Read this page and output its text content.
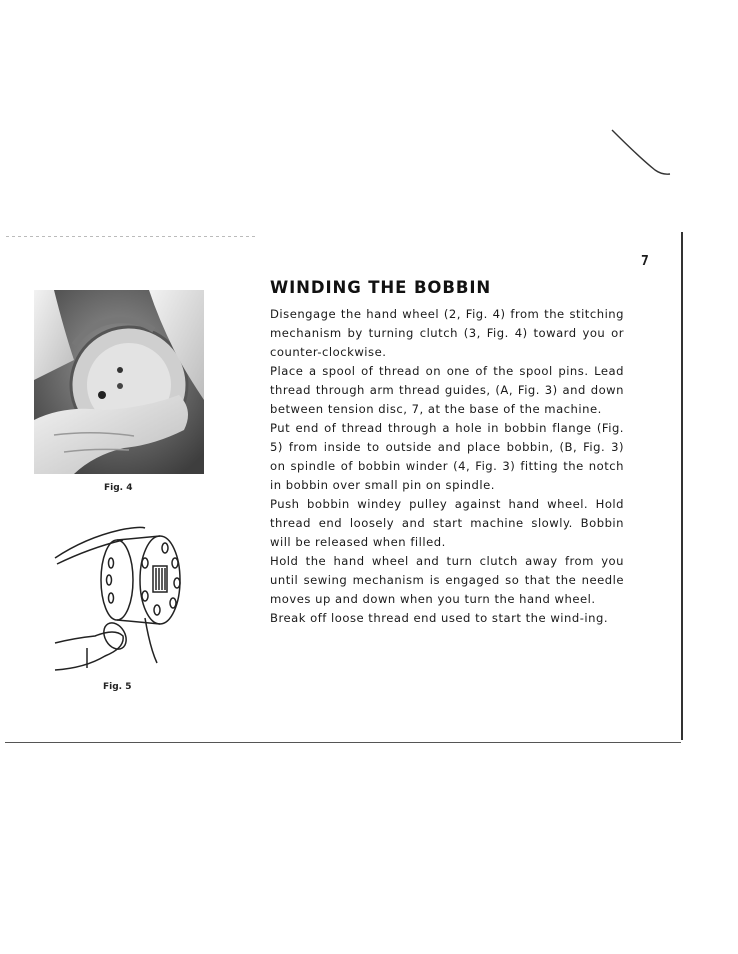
7
Fig. 4
Fig. 5
WINDING THE BOBBIN

Disengage the hand wheel (2, Fig. 4) from the stitching mechanism by turning clutch (3, Fig. 4) toward you or counter-clockwise.

Place a spool of thread on one of the spool pins. Lead thread through arm thread guides, (A, Fig. 3) and down between tension disc, 7, at the base of the machine.

Put end of thread through a hole in bobbin flange (Fig. 5) from inside to outside and place bobbin, (B, Fig. 3) on spindle of bobbin winder (4, Fig. 3) fitting the notch in bobbin over small pin on spindle.

Push bobbin windey pulley against hand wheel. Hold thread end loosely and start machine slowly. Bobbin will be released when filled.

Hold the hand wheel and turn clutch away from you until sewing mechanism is engaged so that the needle moves up and down when you turn the hand wheel.

Break off loose thread end used to start the wind-ing.
